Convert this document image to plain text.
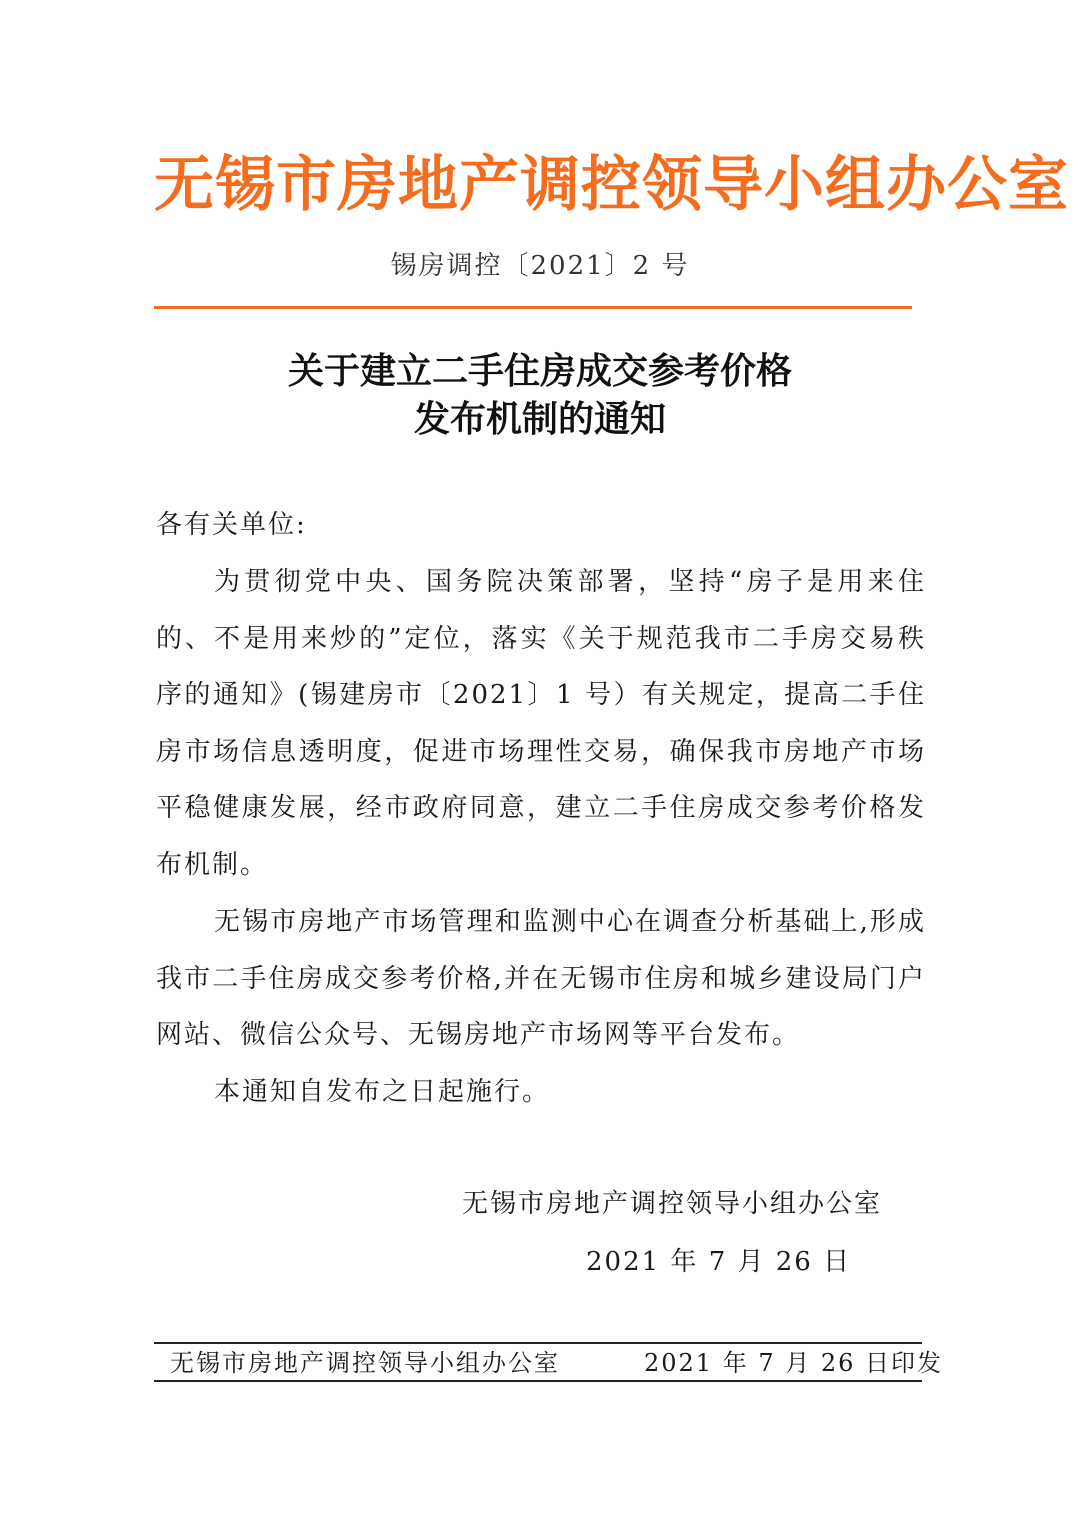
无锡市房地产调控领导小组办公室
锡房调控〔2021〕2 号
关于建立二手住房成交参考价格
发布机制的通知
各有关单位:
为贯彻党中央、国务院决策部署，坚持“房子是用来住的、不是用来炒的”定位，落实《关于规范我市二手房交易秩序的通知》(锡建房市〔2021〕1 号）有关规定，提高二手住房市场信息透明度，促进市场理性交易，确保我市房地产市场平稳健康发展，经市政府同意，建立二手住房成交参考价格发布机制。
无锡市房地产市场管理和监测中心在调查分析基础上,形成我市二手住房成交参考价格,并在无锡市住房和城乡建设局门户网站、微信公众号、无锡房地产市场网等平台发布。
本通知自发布之日起施行。
无锡市房地产调控领导小组办公室
2021 年 7 月 26 日
无锡市房地产调控领导小组办公室	2021 年 7 月 26 日印发
